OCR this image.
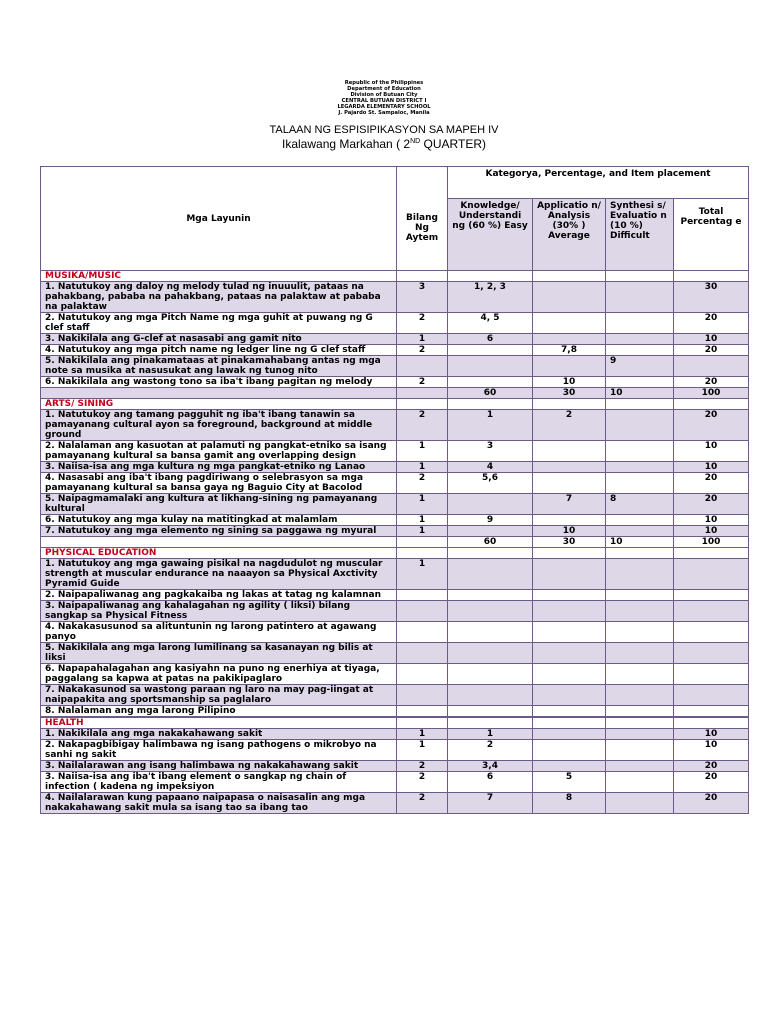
Republic of the Philippines
Department of Education
Division of Butuan City
CENTRAL BUTUAN DISTRICT I
LEGARDA ELEMENTARY SCHOOL
J. Pajardo St. Sampaloc, Manila
TALAAN NG ESPISIPIKASYON SA MAPEH IV
Ikalawang Markahan ( 2ND QUARTER)
Mga Layunin	Bilang Ng Aytem	Kategorya, Percentage, and Item placement			
		Knowledge/ Understandi ng (60 %) Easy	Applicatio n/ Analysis (30% ) Average	Synthesi s/ Evaluatio n (10 %) Difficult	Total Percentag e
MUSIKA/MUSIC					
1. Natutukoy ang daloy ng melody tulad ng inuuulit, pataas na pahakbang, pababa na pahakbang, pataas na palaktaw at pababa na palaktaw	3	1, 2, 3			30
2. Natutukoy ang mga Pitch Name ng mga guhit at puwang ng G clef staff	2	4, 5			20
3. Nakikilala ang G-clef at nasasabi ang gamit nito	1	6			10
4. Natutukoy ang mga pitch name ng ledger line ng G clef staff	2		7,8		20
5. Nakikilala ang pinakamataas at pinakamahabang antas ng mga note sa musika at nasusukat ang lawak ng tunog nito				9	
6. Nakikilala ang wastong tono sa iba't ibang pagitan ng melody	2		10		20
		60	30	10	100
ARTS/ SINING					
1. Natutukoy ang tamang pagguhit ng iba't ibang tanawin sa pamayanang cultural ayon sa foreground, background at middle ground	2	1	2		20
2. Nalalaman ang kasuotan at palamuti ng pangkat-etniko sa isang pamayanang kultural sa bansa gamit ang overlapping design	1	3			10
3. Naiisa-isa ang mga kultura ng mga pangkat-etniko ng Lanao	1	4			10
4. Nasasabi ang iba't ibang pagdiriwang o selebrasyon sa mga pamayanang kultural sa bansa gaya ng Baguio City at Bacolod	2	5,6			20
5. Naipagmamalaki ang kultura at likhang-sining ng pamayanang kultural	1		7	8	20
6. Natutukoy ang mga kulay na matitingkad at malamlam	1	9			10
7. Natutukoy ang mga elemento ng sining sa paggawa ng myural	1		10		10
		60	30	10	100
PHYSICAL EDUCATION					
1. Natutukoy ang mga gawaing pisikal na nagdudulot ng muscular strength at muscular endurance na naaayon sa Physical Axctivity Pyramid Guide	1				
2. Naipapaliwanag ang pagkakaiba ng lakas at tatag ng kalamnan					
3. Naipapaliwanag ang kahalagahan ng agility ( liksi) bilang sangkap sa Physical Fitness					
4. Nakakasusunod sa alituntunin ng larong patintero at agawang panyo					
5. Nakikilala ang mga larong lumilinang sa kasanayan ng bilis at liksi					
6. Napapahalagahan ang kasiyahn na puno ng enerhiya at tiyaga, paggalang sa kapwa at patas na pakikipaglaro					
7. Nakakasunod sa wastong paraan ng laro na may pag-iingat at naipapakita ang sportsmanship sa paglalaro					
8. Nalalaman ang mga larong Pilipino					

HEALTH					
1. Nakikilala ang mga nakakahawang sakit	1	1			10
2. Nakapagbibigay halimbawa ng isang pathogens o mikrobyo na sanhi ng sakit	1	2			10
3. Nailalarawan ang isang halimbawa ng nakakahawang sakit	2	3,4			20
3. Naiisa-isa ang iba't ibang element o sangkap ng chain of infection ( kadena ng impeksiyon	2	6	5		20
4. Nailalarawan kung papaano naipapasa o naisasalin ang mga nakakahawang sakit mula sa isang tao sa ibang tao	2	7	8		20
